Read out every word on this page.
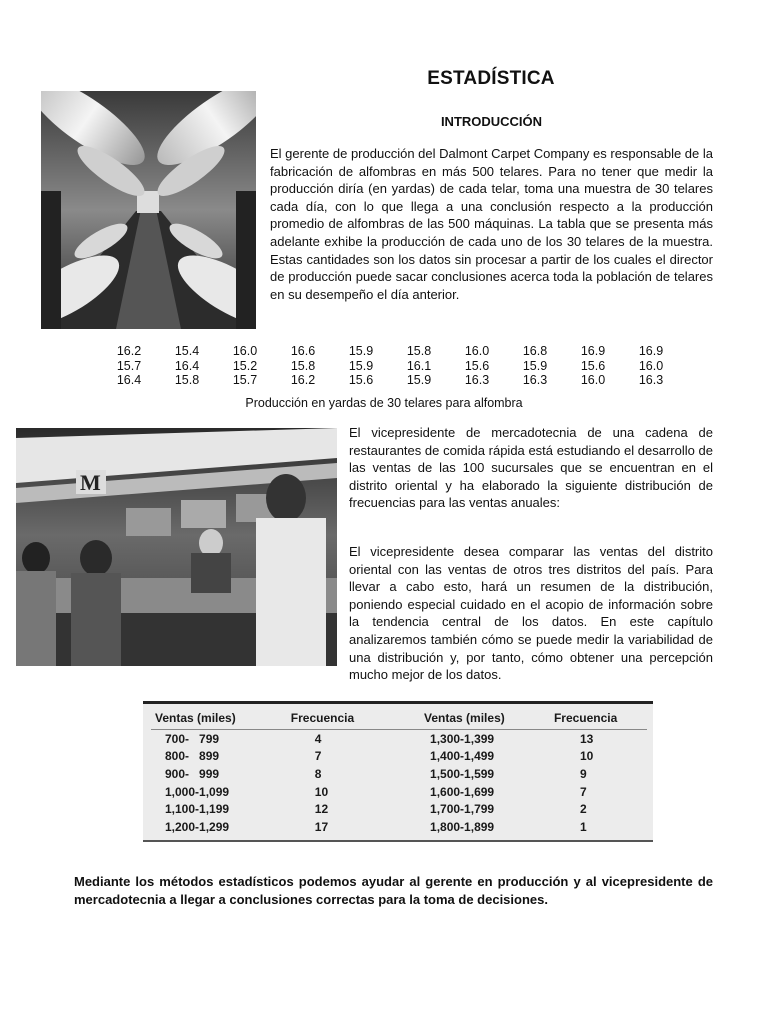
ESTADÍSTICA
INTRODUCCIÓN
El gerente de producción del Dalmont Carpet Company es responsable de la fabricación de alfombras en más 500 telares. Para no tener que medir la producción diría (en yardas) de cada telar, toma una muestra de 30 telares cada día, con lo que llega a una conclusión respecto a la producción promedio de alfombras de las 500 máquinas. La tabla que se presenta más adelante exhibe la producción de cada uno de los 30 telares de la muestra. Estas cantidades son los datos sin procesar a partir de los cuales el director de producción puede sacar conclusiones acerca toda la población de telares en su desempeño el día anterior.
16.2	15.4	16.0	16.6	15.9	15.8	16.0	16.8	16.9	16.9
15.7	16.4	15.2	15.8	15.9	16.1	15.6	15.9	15.6	16.0
16.4	15.8	15.7	16.2	15.6	15.9	16.3	16.3	16.0	16.3
Producción en yardas de 30 telares para alfombra
M
El vicepresidente de mercadotecnia de una cadena de restaurantes de comida rápida está estudiando el desarrollo de las ventas de las 100 sucursales que se encuentran en el distrito oriental y ha elaborado la siguiente distribución de frecuencias para las ventas anuales:
El vicepresidente desea comparar las ventas del distrito oriental con las ventas de otros tres distritos del país. Para llevar a cabo esto, hará un resumen de la distribución, poniendo especial cuidado en el acopio de información sobre la tendencia central de los datos. En este capítulo analizaremos también cómo se puede medir la variabilidad de una distribución y, por tanto, cómo obtener una percepción mucho mejor de los datos.
Ventas (miles)	Frecuencia	Ventas (miles)	Frecuencia
700-   799	4	1,300-1,399	13
800-   899	7	1,400-1,499	10
900-   999	8	1,500-1,599	9
1,000-1,099	10	1,600-1,699	7
1,100-1,199	12	1,700-1,799	2
1,200-1,299	17	1,800-1,899	1
Mediante los métodos estadísticos podemos ayudar al gerente en producción y al vicepresidente de mercadotecnia a llegar a conclusiones correctas para la toma de decisiones.
